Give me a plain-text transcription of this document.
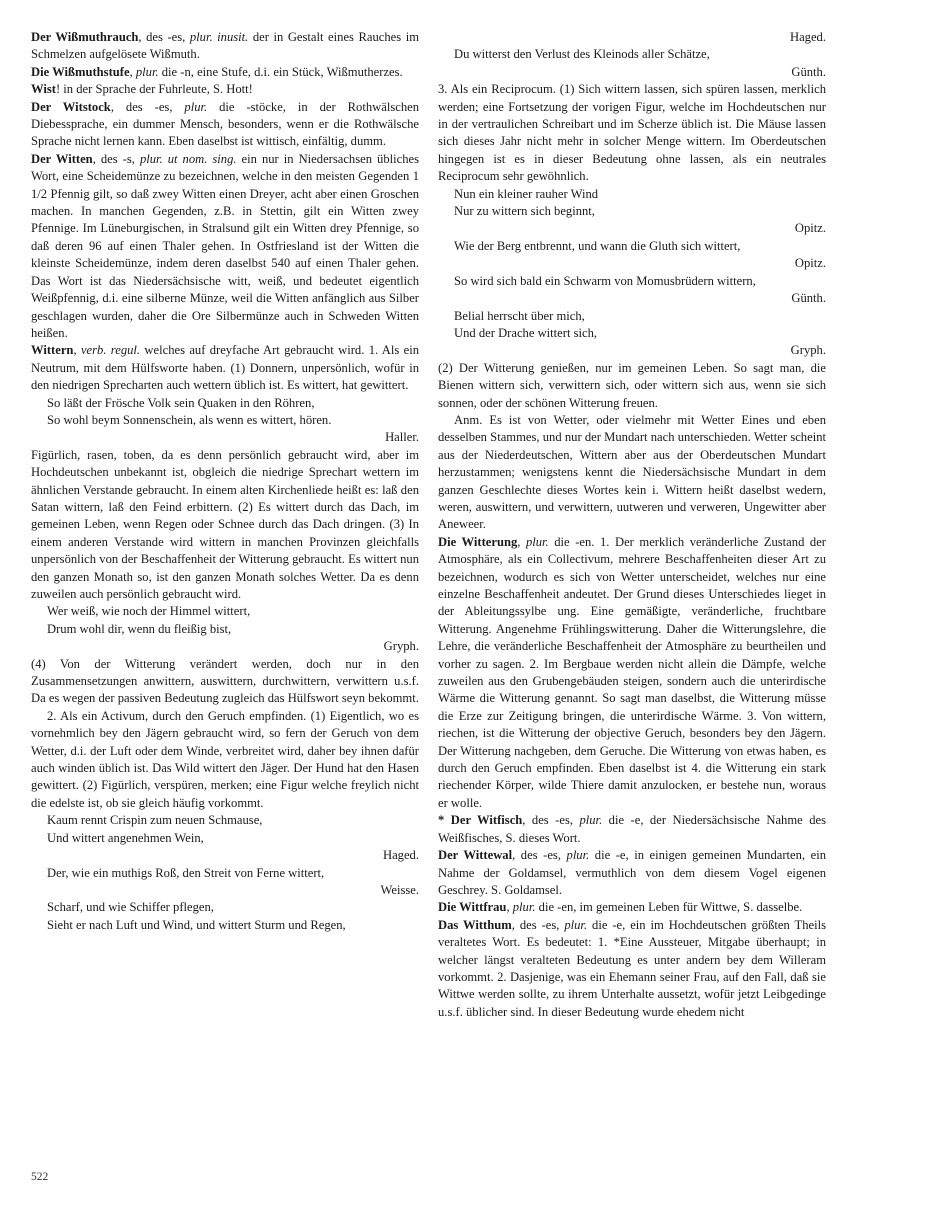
Der Wißmuthrauch, des -es, plur. inusit. der in Gestalt eines Rauches im Schmelzen aufgelösete Wißmuth.

Die Wißmuthstufe, plur. die -n, eine Stufe, d.i. ein Stück, Wißmutherzes.

Wist! in der Sprache der Fuhrleute, S. Hott!

Der Witstock, des -es, plur. die -stöcke, in der Rothwälschen Diebessprache, ein dummer Mensch, besonders, wenn er die Rothwälsche Sprache nicht lernen kann. Eben daselbst ist wittisch, einfältig, dumm.

Der Witten, des -s, plur. ut nom. sing. ein nur in Niedersachsen übliches Wort, eine Scheidemünze zu bezeichnen, welche in den meisten Gegenden 1 1/2 Pfennig gilt, so daß zwey Witten einen Dreyer, acht aber einen Groschen machen. In manchen Gegenden, z.B. in Stettin, gilt ein Witten zwey Pfennige. Im Lüneburgischen, in Stralsund gilt ein Witten drey Pfennige, so daß deren 96 auf einen Thaler gehen. In Ostfriesland ist der Witten die kleinste Scheidemünze, indem deren daselbst 540 auf einen Thaler gehen. Das Wort ist das Niedersächsische witt, weiß, und bedeutet eigentlich Weißpfennig, d.i. eine silberne Münze, weil die Witten anfänglich aus Silber geschlagen wurden, daher die Ore Silbermünze auch in Schweden Witten heißen.

Wittern, verb. regul. welches auf dreyfache Art gebraucht wird. 1. Als ein Neutrum, mit dem Hülfsworte haben. (1) Donnern, unpersönlich, wofür in den niedrigen Sprecharten auch wettern üblich ist. Es wittert, hat gewittert.

So läßt der Frösche Volk sein Quaken in den Röhren,

So wohl beym Sonnenschein, als wenn es wittert, hören.

Haller.

Figürlich, rasen, toben, da es denn persönlich gebraucht wird, aber im Hochdeutschen unbekannt ist, obgleich die niedrige Sprechart wettern im ähnlichen Verstande gebraucht. In einem alten Kirchenliede heißt es: laß den Satan wittern, laß den Feind erbittern. (2) Es wittert durch das Dach, im gemeinen Leben, wenn Regen oder Schnee durch das Dach dringen. (3) In einem anderen Verstande wird wittern in manchen Provinzen gleichfalls unpersönlich von der Beschaffenheit der Witterung gebraucht. Es wittert nun den ganzen Monath so, ist den ganzen Monath solches Wetter. Da es denn zuweilen auch persönlich gebraucht wird.

Wer weiß, wie noch der Himmel wittert,

Drum wohl dir, wenn du fleißig bist,

Gryph.

(4) Von der Witterung verändert werden, doch nur in den Zusammensetzungen anwittern, auswittern, durchwittern, verwittern u.s.f. Da es wegen der passiven Bedeutung zugleich das Hülfswort seyn bekommt.

2. Als ein Activum, durch den Geruch empfinden. (1) Eigentlich, wo es vornehmlich bey den Jägern gebraucht wird, so fern der Geruch von dem Wetter, d.i. der Luft oder dem Winde, verbreitet wird, daher bey ihnen dafür auch winden üblich ist. Das Wild wittert den Jäger. Der Hund hat den Hasen gewittert. (2) Figürlich, verspüren, merken; eine Figur welche freylich nicht die edelste ist, ob sie gleich häufig vorkommt.

Kaum rennt Crispin zum neuen Schmause,

Und wittert angenehmen Wein,

Haged.

Der, wie ein muthigs Roß, den Streit von Ferne wittert,

Weisse.

Scharf, und wie Schiffer pflegen,

Sieht er nach Luft und Wind, und wittert Sturm und Regen,

Haged.

Du witterst den Verlust des Kleinods aller Schätze,

Günth.

3. Als ein Reciprocum. (1) Sich wittern lassen, sich spüren lassen, merklich werden; eine Fortsetzung der vorigen Figur, welche im Hochdeutschen nur in der vertraulichen Schreibart und im Scherze üblich ist. Die Mäuse lassen sich dieses Jahr nicht mehr in solcher Menge wittern. Im Oberdeutschen hingegen ist es in dieser Bedeutung ohne lassen, als ein neutrales Reciprocum sehr gewöhnlich.

Nun ein kleiner rauher Wind

Nur zu wittern sich beginnt,

Opitz.

Wie der Berg entbrennt, und wann die Gluth sich wittert,

Opitz.

So wird sich bald ein Schwarm von Momusbrüdern wittern,

Günth.

Belial herrscht über mich,

Und der Drache wittert sich,

Gryph.

(2) Der Witterung genießen, nur im gemeinen Leben. So sagt man, die Bienen wittern sich, verwittern sich, oder wittern sich aus, wenn sie sich sonnen, oder der schönen Witterung freuen.

Anm. Es ist von Wetter, oder vielmehr mit Wetter Eines und eben desselben Stammes, und nur der Mundart nach unterschieden. Wetter scheint aus der Niederdeutschen, Wittern aber aus der Oberdeutschen Mundart herzustammen; wenigstens kennt die Niedersächsische Mundart in dem ganzen Geschlechte dieses Wortes kein i. Wittern heißt daselbst wedern, weren, auswittern, und verwittern, uutweren und verweren, Ungewitter aber Aneweer.

Die Witterung, plur. die -en. 1. Der merklich veränderliche Zustand der Atmosphäre, als ein Collectivum, mehrere Beschaffenheiten dieser Art zu bezeichnen, wodurch es sich von Wetter unterscheidet, welches nur eine einzelne Beschaffenheit andeutet. Der Grund dieses Unterschiedes lieget in der Ableitungssylbe ung. Eine gemäßigte, veränderliche, fruchtbare Witterung. Angenehme Frühlingswitterung. Daher die Witterungslehre, die Lehre, die veränderliche Beschaffenheit der Atmosphäre zu beurtheilen und vorher zu sagen. 2. Im Bergbaue werden nicht allein die Dämpfe, welche zuweilen aus den Grubengebäuden steigen, sondern auch die unterirdische Wärme die Witterung genannt. So sagt man daselbst, die Witterung müsse die Erze zur Zeitigung bringen, die unterirdische Wärme. 3. Von wittern, riechen, ist die Witterung der objective Geruch, besonders bey den Jägern. Der Witterung nachgeben, dem Geruche. Die Witterung von etwas haben, es durch den Geruch empfinden. Eben daselbst ist 4. die Witterung ein stark riechender Körper, wilde Thiere damit anzulocken, er bestehe nun, woraus er wolle.

* Der Witfisch, des -es, plur. die -e, der Niedersächsische Nahme des Weißfisches, S. dieses Wort.

Der Wittewal, des -es, plur. die -e, in einigen gemeinen Mundarten, ein Nahme der Goldamsel, vermuthlich von dem diesem Vogel eigenen Geschrey. S. Goldamsel.

Die Wittfrau, plur. die -en, im gemeinen Leben für Wittwe, S. dasselbe.

Das Witthum, des -es, plur. die -e, ein im Hochdeutschen größten Theils veraltetes Wort. Es bedeutet: 1. *Eine Aussteuer, Mitgabe überhaupt; in welcher längst veralteten Bedeutung es unter andern bey dem Willeram vorkommt. 2. Dasjenige, was ein Ehemann seiner Frau, auf den Fall, daß sie Wittwe werden sollte, zu ihrem Unterhalte aussetzt, wofür jetzt Leibgedinge u.s.f. üblicher sind. In dieser Bedeutung wurde ehedem nicht

522
